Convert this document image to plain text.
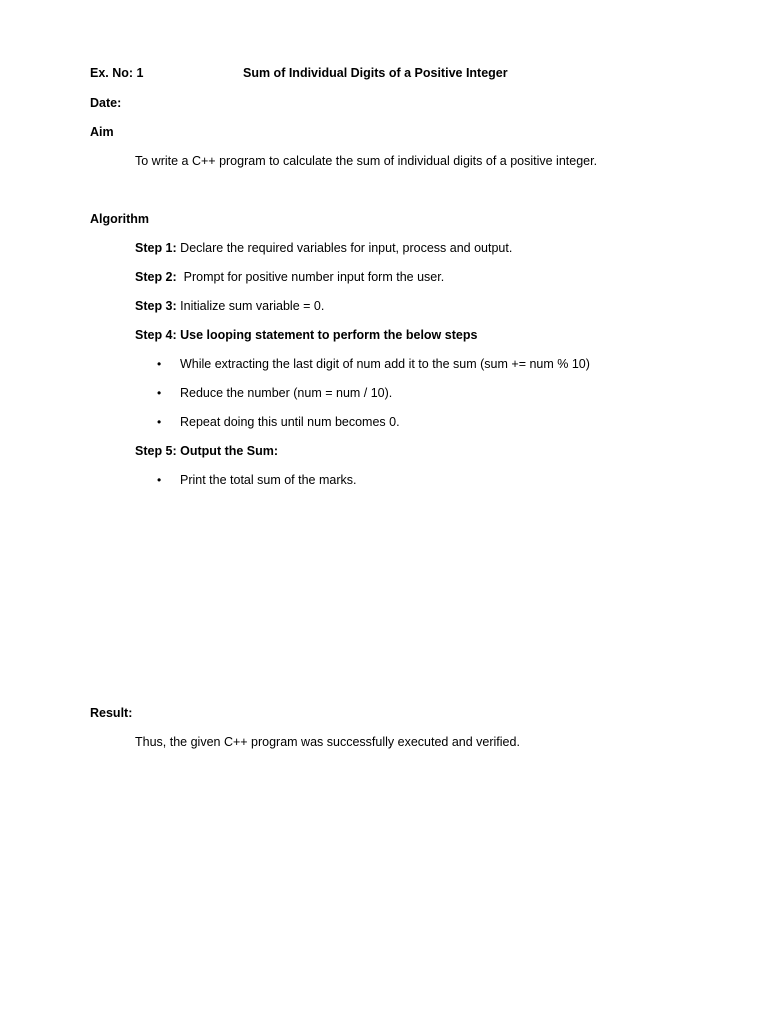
Ex. No: 1	Sum of Individual Digits of a Positive Integer
Date:
Aim
To write a C++ program to calculate the sum of individual digits of a positive integer.
Algorithm
Step 1: Declare the required variables for input, process and output.
Step 2:  Prompt for positive number input form the user.
Step 3: Initialize sum variable = 0.
Step 4: Use looping statement to perform the below steps
• While extracting the last digit of num add it to the sum (sum += num % 10)
• Reduce the number (num = num / 10).
• Repeat doing this until num becomes 0.
Step 5: Output the Sum:
• Print the total sum of the marks.
Result:
Thus, the given C++ program was successfully executed and verified.
